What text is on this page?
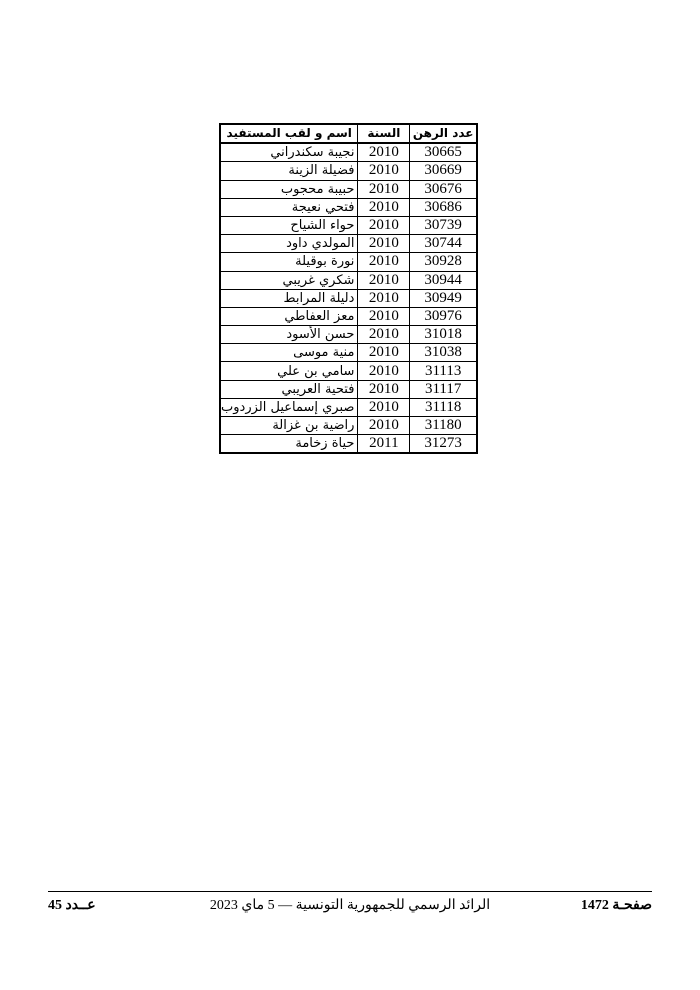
عدد الرهن	السنة	اسم و لقب المستفيد
30665	2010	نجيبة سكندراني
30669	2010	فضيلة الزينة
30676	2010	حبيبة محجوب
30686	2010	فتحي نعيجة
30739	2010	حواء الشياح
30744	2010	المولدي داود
30928	2010	نورة بوقيلة
30944	2010	شكري غريبي
30949	2010	دليلة المرابط
30976	2010	معز العفاطي
31018	2010	حسن الأسود
31038	2010	منية موسى
31113	2010	سامي بن علي
31117	2010	فتحية العريبي
31118	2010	صبري إسماعيل الزردوب
31180	2010	راضية بن غزالة
31273	2011	حياة زخامة
صفحـة 1472
الرائد الرسمي للجمهورية التونسية — 5 ماي 2023
عــدد 45
